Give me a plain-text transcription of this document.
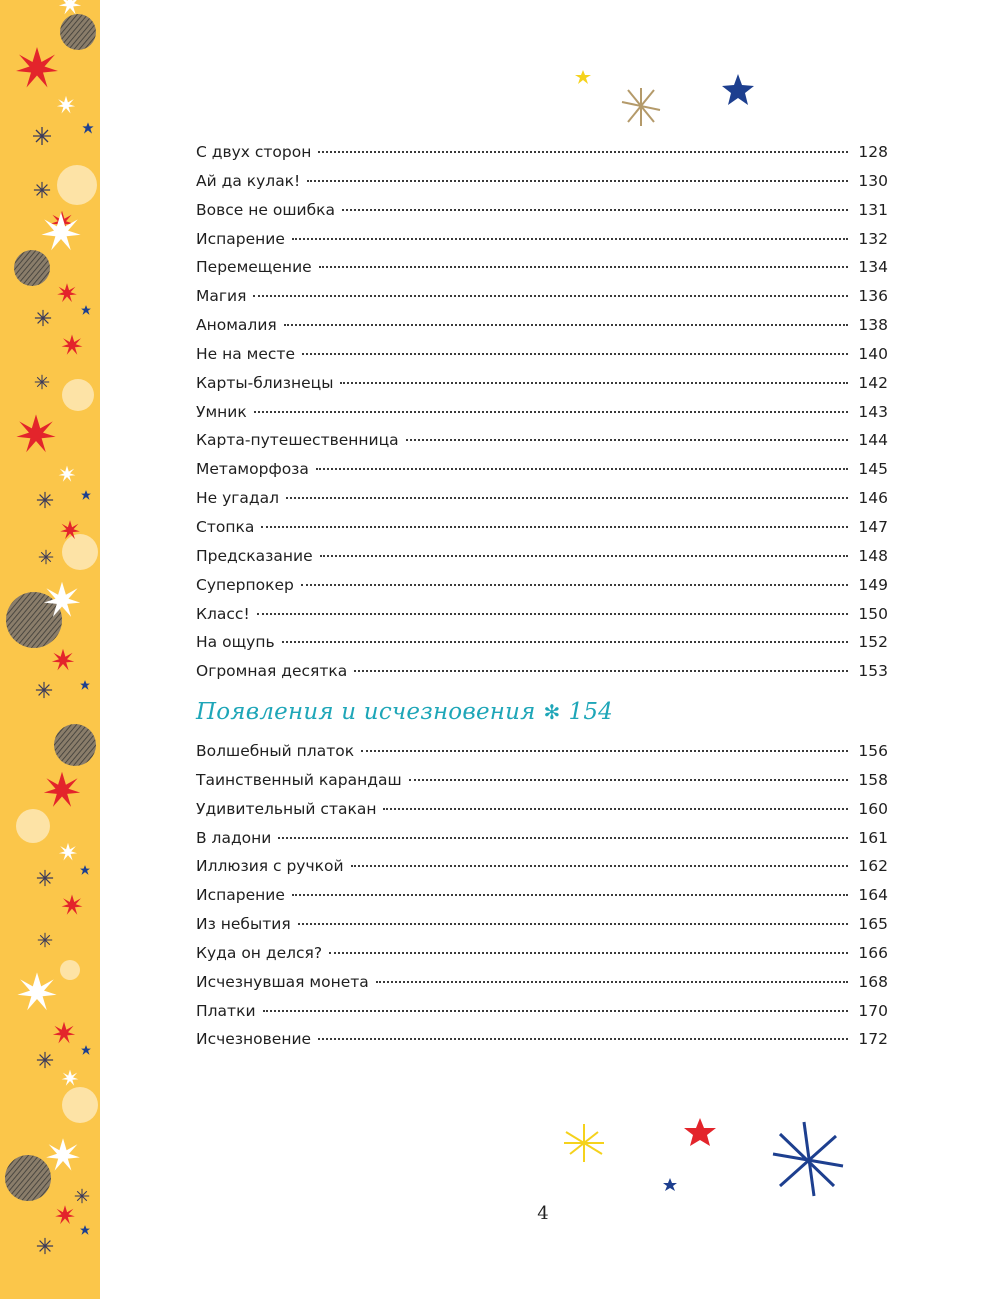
С двух сторон	128
Ай да кулак!	130
Вовсе не ошибка	131
Испарение	132
Перемещение	134
Магия	136
Аномалия	138
Не на месте	140
Карты-близнецы	142
Умник	143
Карта-путешественница	144
Метаморфоза	145
Не угадал	146
Стопка	147
Предсказание	148
Суперпокер	149
Класс!	150
На ощупь	152
Огромная десятка	153
Появления и исчезновения ✻ 154
Волшебный платок	156
Таинственный карандаш	158
Удивительный стакан	160
В ладони	161
Иллюзия с ручкой	162
Испарение	164
Из небытия	165
Куда он делся?	166
Исчезнувшая монета	168
Платки	170
Исчезновение	172
4
